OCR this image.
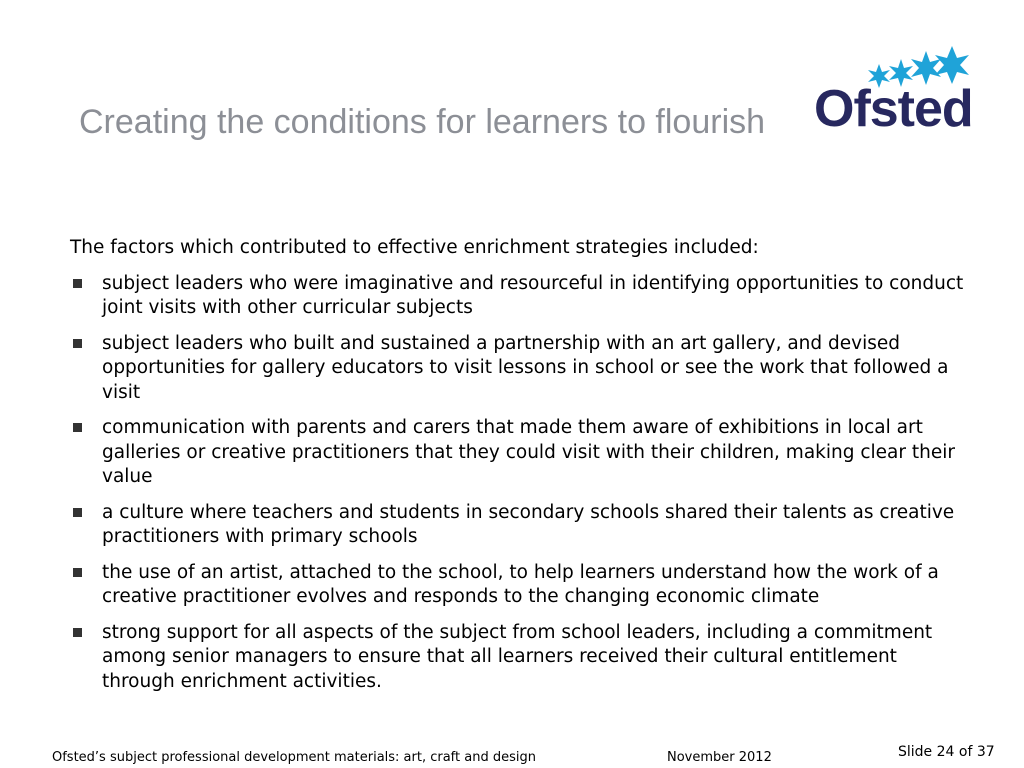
Creating the conditions for learners to flourish Ofsted

The factors which contributed to effective enrichment strategies included:

subject leaders who were imaginative and resourceful in identifying opportunities to conduct joint visits with other curricular subjects
subject leaders who built and sustained a partnership with an art gallery, and devised opportunities for gallery educators to visit lessons in school or see the work that followed a visit
communication with parents and carers that made them aware of exhibitions in local art galleries or creative practitioners that they could visit with their children, making clear their value
a culture where teachers and students in secondary schools shared their talents as creative practitioners with primary schools
the use of an artist, attached to the school, to help learners understand how the work of a creative practitioner evolves and responds to the changing economic climate
strong support for all aspects of the subject from school leaders, including a commitment among senior managers to ensure that all learners received their cultural entitlement through enrichment activities.
Ofsted’s subject professional development materials: art, craft and design	November 2012	Slide 24 of 37
